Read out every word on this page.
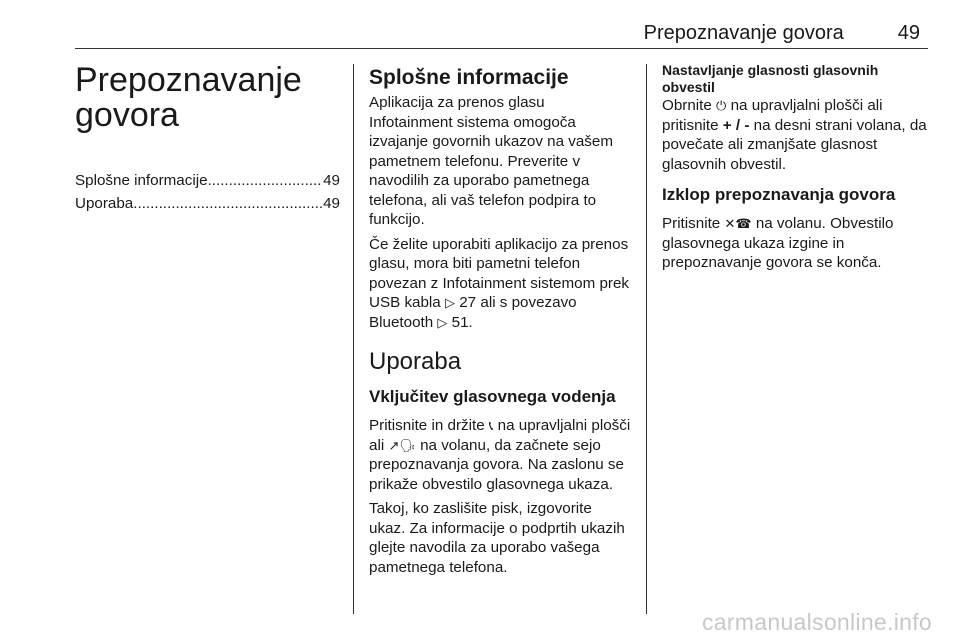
Prepoznavanje govora	49
Prepoznavanje
govora
Splošne informacije .....	49
Uporaba .....	49
Splošne informacije

Aplikacija za prenos glasu Infotainment sistema omogoča izvajanje govornih ukazov na vašem pametnem telefonu. Preverite v navodilih za uporabo pametnega telefona, ali vaš telefon podpira to funkcijo.

Če želite uporabiti aplikacijo za prenos glasu, mora biti pametni telefon povezan z Infotainment sistemom prek USB kabla ▷ 27 ali s povezavo Bluetooth ▷ 51.

Uporaba
Vključitev glasovnega vodenja

Pritisnite in držite 📞︎ na upravljalni plošči ali ↗🗣︎ na volanu, da začnete sejo prepoznavanja govora. Na zaslonu se prikaže obvestilo glasovnega ukaza.

Takoj, ko zaslišite pisk, izgovorite ukaz. Za informacije o podprtih ukazih glejte navodila za uporabo vašega pametnega telefona.

Nastavljanje glasnosti glasovnih obvestil

Obrnite ⏻ na upravljalni plošči ali pritisnite + / - na desni strani volana, da povečate ali zmanjšate glasnost glasovnih obvestil.

Izklop prepoznavanja govora

Pritisnite ✕☎︎ na volanu. Obvestilo glasovnega ukaza izgine in prepoznavanje govora se konča.

carmanualsonline.info
